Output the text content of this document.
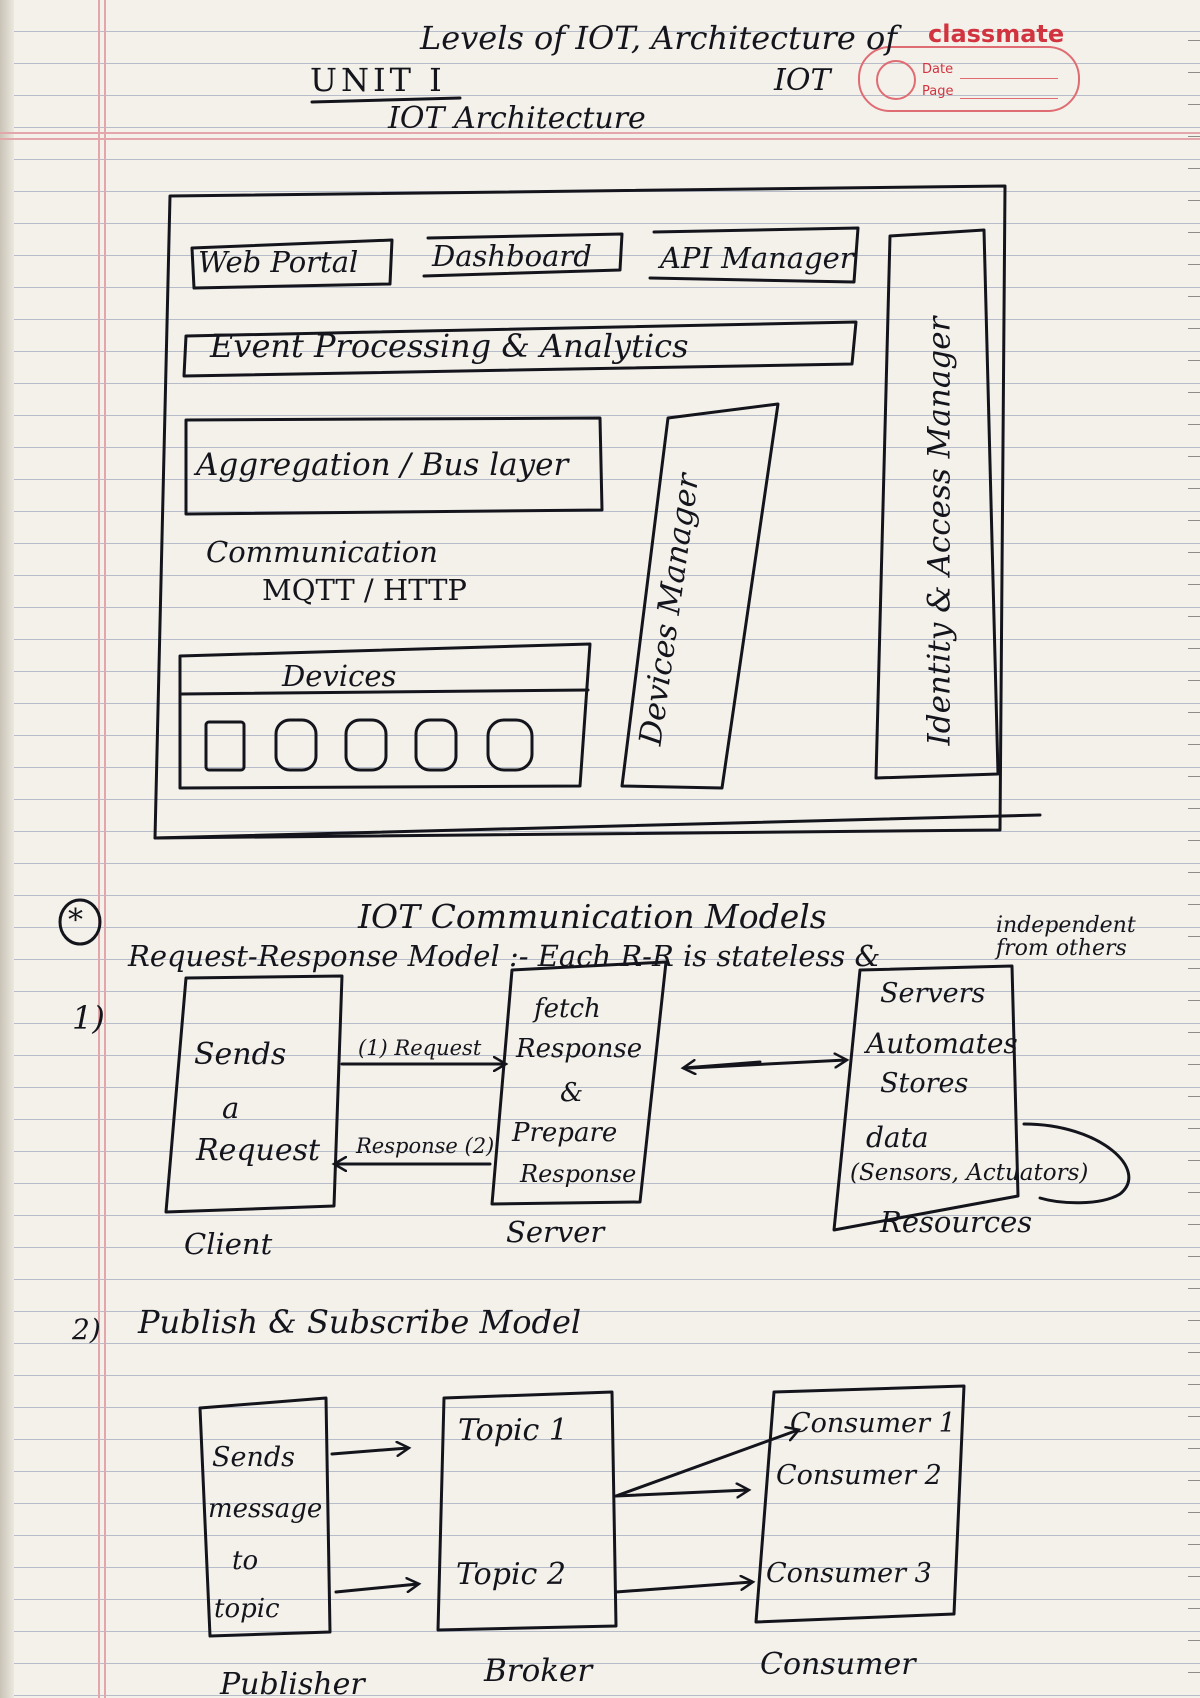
classmate
Date
Page
Levels of IOT, Architecture of
UNIT I	IOT
IOT Architecture
Web Portal	Dashboard API Manager
Event Processing & Analytics
Aggregation / Bus layer
Communication
MQTT / HTTP
Devices	Devices Manager	Identity & Access Manager
*	IOT Communication Models
Request-Response Model :- Each R-R is stateless &
independent from others
1)
Sends
a
Request
(1) Request
Response (2)
fetch
Response
&
Prepare
Response
Servers
Automates
Stores
data
(Sensors, Actuators)
Client	Server	Resources
2) Publish & Subscribe Model
Sends
message
to
topic
Topic 1
Topic 2
Consumer 1
Consumer 2
Consumer 3
Publisher	Broker	Consumer
